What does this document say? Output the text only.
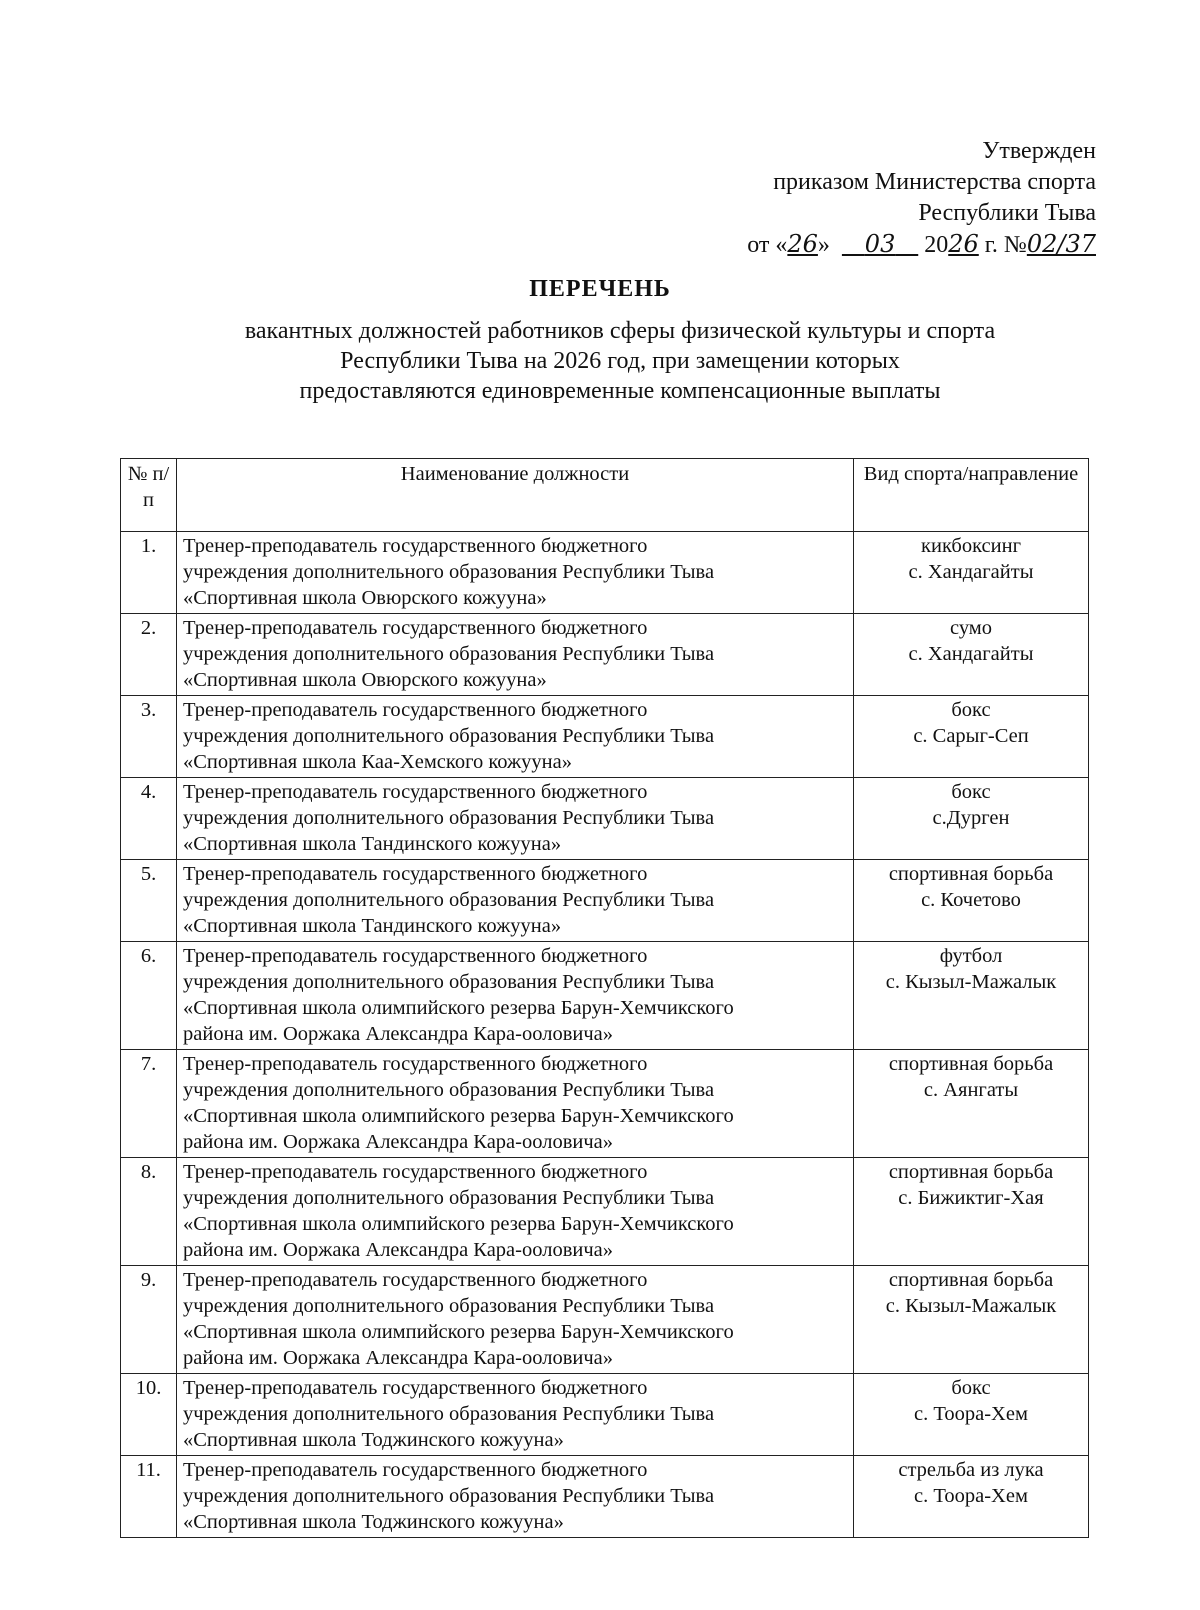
Утвержден
приказом Министерства спорта
Республики Тыва
от «26» 03 2026 г. №02/37
ПЕРЕЧЕНЬ
вакантных должностей работников сферы физической культуры и спорта
Республики Тыва на 2026 год, при замещении которых
предоставляются единовременные компенсационные выплаты
№ п/п	Наименование должности	Вид спорта/направление
1.	Тренер-преподаватель государственного бюджетного
учреждения дополнительного образования Республики Тыва
«Спортивная школа Овюрского кожууна»	кикбоксинг
с. Хандагайты

2.	Тренер-преподаватель государственного бюджетного
учреждения дополнительного образования Республики Тыва
«Спортивная школа Овюрского кожууна»	сумо
с. Хандагайты

3.	Тренер-преподаватель государственного бюджетного
учреждения дополнительного образования Республики Тыва
«Спортивная школа Каа-Хемского кожууна»	бокс
с. Сарыг-Сеп

4.	Тренер-преподаватель государственного бюджетного
учреждения дополнительного образования Республики Тыва
«Спортивная школа Тандинского кожууна»	бокс
с.Дурген

5.	Тренер-преподаватель государственного бюджетного
учреждения дополнительного образования Республики Тыва
«Спортивная школа Тандинского кожууна»	спортивная борьба
с. Кочетово

6.	Тренер-преподаватель государственного бюджетного
учреждения дополнительного образования Республики Тыва
«Спортивная школа олимпийского резерва Барун-Хемчикского
района им. Ооржака Александра Кара-ооловича»	футбол
с. Кызыл-Мажалык

7.	Тренер-преподаватель государственного бюджетного
учреждения дополнительного образования Республики Тыва
«Спортивная школа олимпийского резерва Барун-Хемчикского
района им. Ооржака Александра Кара-ооловича»	спортивная борьба
с. Аянгаты

8.	Тренер-преподаватель государственного бюджетного
учреждения дополнительного образования Республики Тыва
«Спортивная школа олимпийского резерва Барун-Хемчикского
района им. Ооржака Александра Кара-ооловича»	спортивная борьба
с. Бижиктиг-Хая

9.	Тренер-преподаватель государственного бюджетного
учреждения дополнительного образования Республики Тыва
«Спортивная школа олимпийского резерва Барун-Хемчикского
района им. Ооржака Александра Кара-ооловича»	спортивная борьба
с. Кызыл-Мажалык

10.	Тренер-преподаватель государственного бюджетного
учреждения дополнительного образования Республики Тыва
«Спортивная школа Тоджинского кожууна»	бокс
с. Тоора-Хем

11.	Тренер-преподаватель государственного бюджетного
учреждения дополнительного образования Республики Тыва
«Спортивная школа Тоджинского кожууна»	стрельба из лука
с. Тоора-Хем
